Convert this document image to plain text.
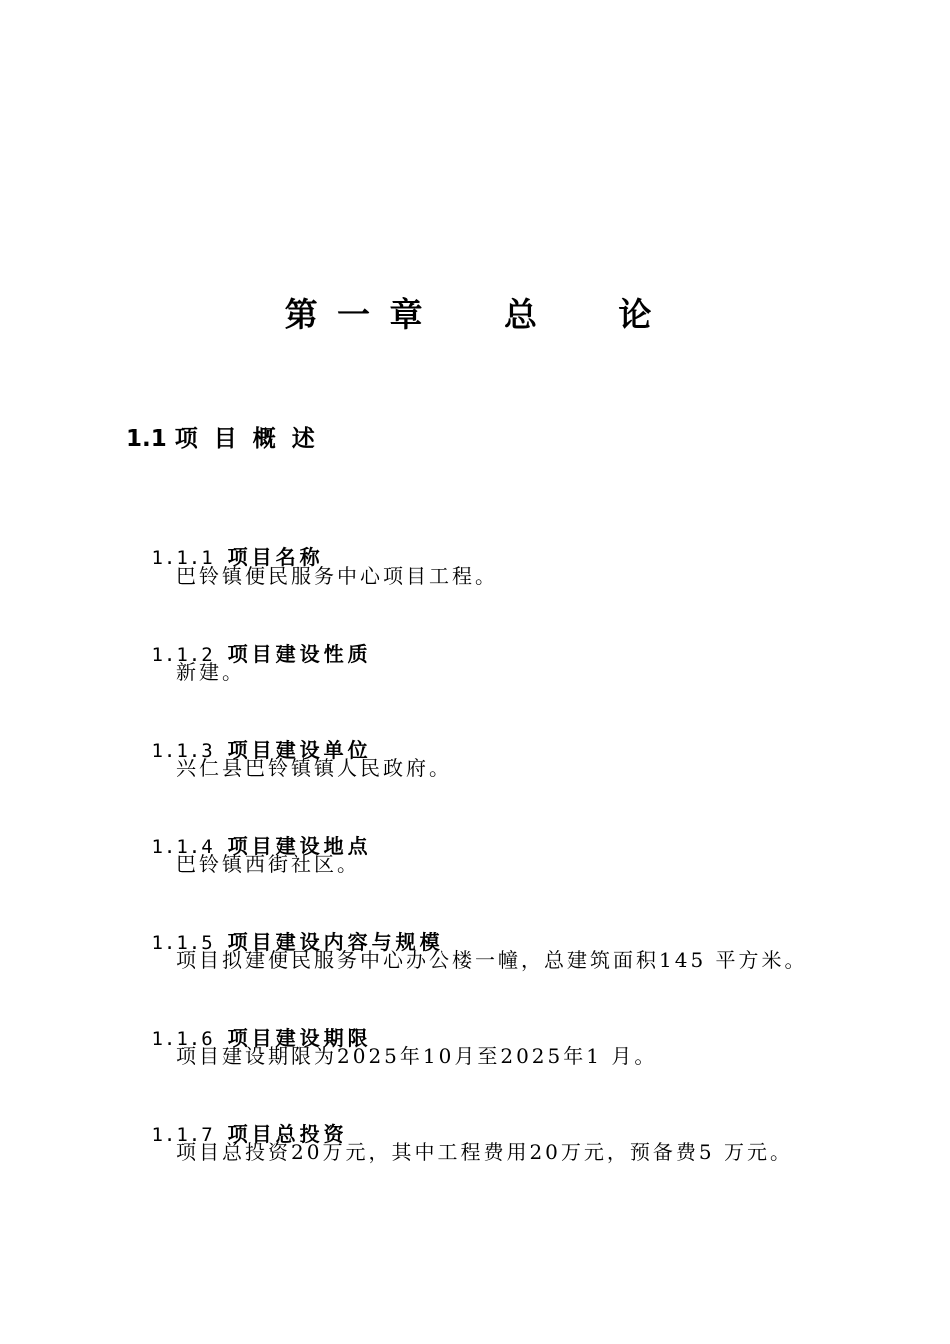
第 一 章     总     论
1.1 项  目  概  述

1.1.1 项目名称

巴铃镇便民服务中心项目工程。

1.1.2 项目建设性质

新建。

1.1.3 项目建设单位

兴仁县巴铃镇镇人民政府。

1.1.4 项目建设地点

巴铃镇西街社区。

1.1.5 项目建设内容与规模

项目拟建便民服务中心办公楼一幢，总建筑面积145 平方米。

1.1.6 项目建设期限

项目建设期限为2025年10月至2025年1 月。

1.1.7 项目总投资

项目总投资20万元，其中工程费用20万元，预备费5 万元。
